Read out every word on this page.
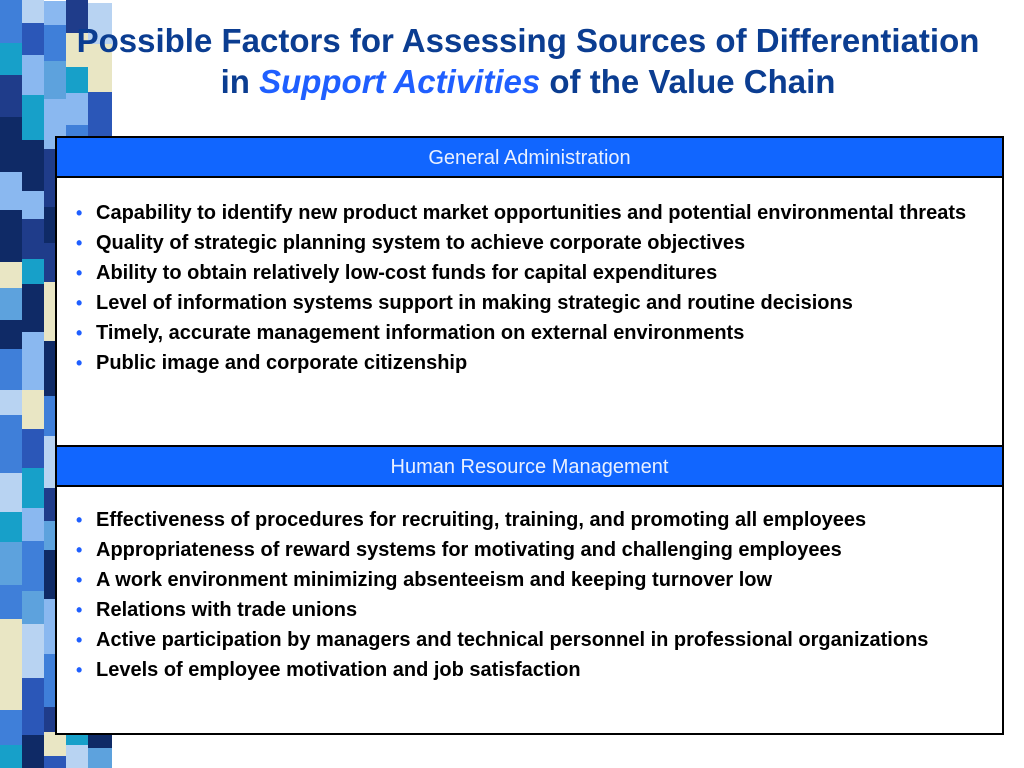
Possible Factors for Assessing Sources of Differentiation in Support Activities of the Value Chain
General Administration
• Capability to identify new product market opportunities and potential environmental threats
• Quality of strategic planning system to achieve corporate objectives
• Ability to obtain relatively low-cost funds for capital expenditures
• Level of information systems support in making strategic and routine decisions
• Timely, accurate management information on external environments
• Public image and corporate citizenship
Human Resource Management
• Effectiveness of procedures for recruiting, training, and promoting all employees
• Appropriateness of reward systems for motivating and challenging employees
• A work environment minimizing absenteeism and keeping turnover low
• Relations with trade unions
• Active participation by managers and technical personnel in professional organizations
• Levels of employee motivation and job satisfaction
